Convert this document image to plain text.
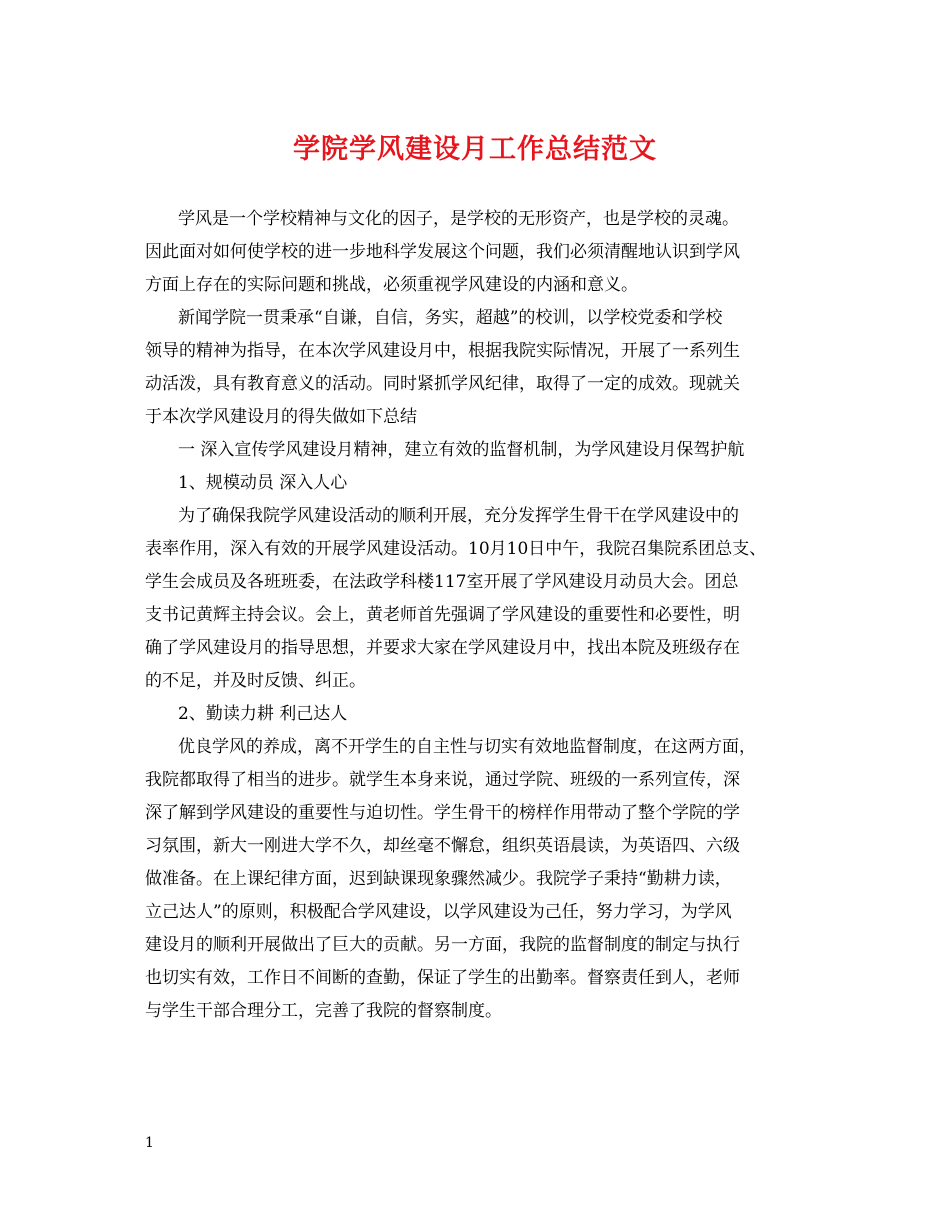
学院学风建设月工作总结范文

学风是一个学校精神与文化的因子，是学校的无形资产，也是学校的灵魂。

因此面对如何使学校的进一步地科学发展这个问题，我们必须清醒地认识到学风

方面上存在的实际问题和挑战，必须重视学风建设的内涵和意义。

新闻学院一贯秉承“自谦，自信，务实，超越”的校训，以学校党委和学校

领导的精神为指导，在本次学风建设月中，根据我院实际情况，开展了一系列生

动活泼，具有教育意义的活动。同时紧抓学风纪律，取得了一定的成效。现就关

于本次学风建设月的得失做如下总结

一 深入宣传学风建设月精神，建立有效的监督机制，为学风建设月保驾护航

1、规模动员 深入人心

为了确保我院学风建设活动的顺利开展，充分发挥学生骨干在学风建设中的

表率作用，深入有效的开展学风建设活动。10月10日中午，我院召集院系团总支、

学生会成员及各班班委，在法政学科楼117室开展了学风建设月动员大会。团总

支书记黄辉主持会议。会上，黄老师首先强调了学风建设的重要性和必要性，明

确了学风建设月的指导思想，并要求大家在学风建设月中，找出本院及班级存在

的不足，并及时反馈、纠正。

2、勤读力耕 利己达人

优良学风的养成，离不开学生的自主性与切实有效地监督制度，在这两方面，

我院都取得了相当的进步。就学生本身来说，通过学院、班级的一系列宣传，深

深了解到学风建设的重要性与迫切性。学生骨干的榜样作用带动了整个学院的学

习氛围，新大一刚进大学不久，却丝毫不懈怠，组织英语晨读，为英语四、六级

做准备。在上课纪律方面，迟到缺课现象骤然减少。我院学子秉持“勤耕力读，

立己达人”的原则，积极配合学风建设，以学风建设为己任，努力学习，为学风

建设月的顺利开展做出了巨大的贡献。另一方面，我院的监督制度的制定与执行

也切实有效，工作日不间断的查勤，保证了学生的出勤率。督察责任到人，老师

与学生干部合理分工，完善了我院的督察制度。

1
